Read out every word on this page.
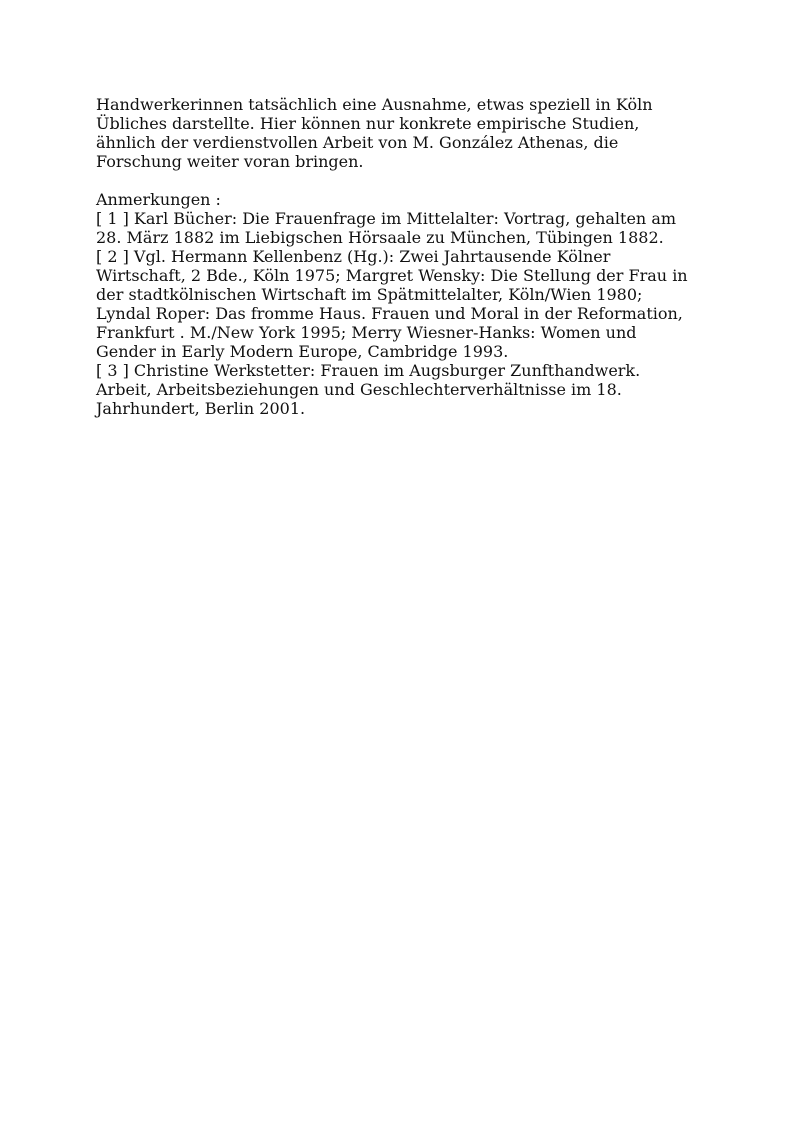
Handwerkerinnen tatsächlich eine Ausnahme, etwas speziell in Köln
Übliches darstellte. Hier können nur konkrete empirische Studien,
ähnlich der verdienstvollen Arbeit von M. González Athenas, die
Forschung weiter voran bringen.
Anmerkungen :
[ 1 ] Karl Bücher: Die Frauenfrage im Mittelalter: Vortrag, gehalten am
28. März 1882 im Liebigschen Hörsaale zu München, Tübingen 1882.
[ 2 ] Vgl. Hermann Kellenbenz (Hg.): Zwei Jahrtausende Kölner
Wirtschaft, 2 Bde., Köln 1975; Margret Wensky: Die Stellung der Frau in
der stadtkölnischen Wirtschaft im Spätmittelalter, Köln/Wien 1980;
Lyndal Roper: Das fromme Haus. Frauen und Moral in der Reformation,
Frankfurt . M./New York 1995; Merry Wiesner-Hanks: Women und
Gender in Early Modern Europe, Cambridge 1993.
[ 3 ] Christine Werkstetter: Frauen im Augsburger Zunfthandwerk.
Arbeit, Arbeitsbeziehungen und Geschlechterverhältnisse im 18.
Jahrhundert, Berlin 2001.
